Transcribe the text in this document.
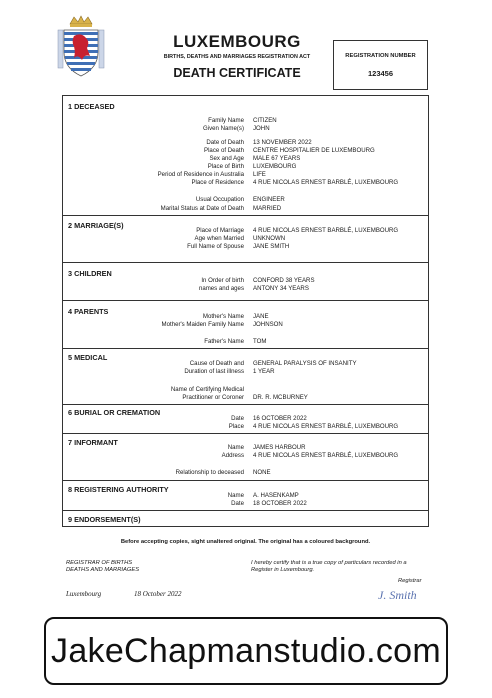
LUXEMBOURG
BIRTHS, DEATHS AND MARRIAGES REGISTRATION ACT
DEATH CERTIFICATE
REGISTRATION NUMBER
123456
1 DECEASED
Family Name CITIZEN
Given Name(s) JOHN
Date of Death 13 NOVEMBER 2022
Place of Death CENTRE HOSPITALIER DE LUXEMBOURG
Sex and Age MALE 67 YEARS
Place of Birth LUXEMBOURG
Period of Residence in Australia LIFE
Place of Residence 4 RUE NICOLAS ERNEST BARBLÉ, LUXEMBOURG
Usual Occupation ENGINEER
Marital Status at Date of Death MARRIED
2 MARRIAGE(S)
Place of Marriage 4 RUE NICOLAS ERNEST BARBLÉ, LUXEMBOURG
Age when Married UNKNOWN
Full Name of Spouse JANE SMITH
3 CHILDREN
In Order of birth CONFORD 38 YEARS
names and ages ANTONY 34 YEARS
4 PARENTS
Mother's Name JANE
Mother's Maiden Family Name JOHNSON
Father's Name TOM
5 MEDICAL
Cause of Death and GENERAL PARALYSIS OF INSANITY
Duration of last illness 1 YEAR
Name of Certifying Medical
Practitioner or Coroner DR. R. MCBURNEY
6 BURIAL OR CREMATION
Date 16 OCTOBER 2022
Place 4 RUE NICOLAS ERNEST BARBLÉ, LUXEMBOURG
7 INFORMANT
Name JAMES HARBOUR
Address 4 RUE NICOLAS ERNEST BARBLÉ, LUXEMBOURG
Relationship to deceased NONE
8 REGISTERING AUTHORITY
Name A. HASENKAMP
Date 18 OCTOBER 2022
9 ENDORSEMENT(S)
Before accepting copies, sight unaltered original. The original has a coloured background.
REGISTRAR OF BIRTHS
DEATHS AND MARRIAGES
I hereby certify that is a true copy of particulars recorded in a
Register in Luxembourg.
Registrar
Luxembourg	18 October 2022	J. Smith
JakeChapmanstudio.com
